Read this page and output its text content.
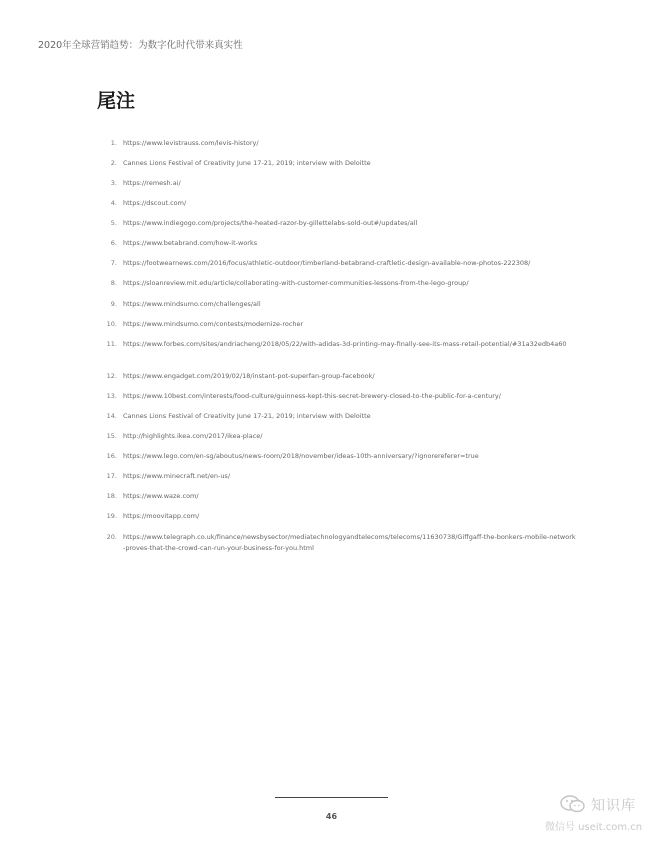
2020年全球营销趋势：为数字化时代带来真实性
尾注
1. https://www.levistrauss.com/levis-history/
2. Cannes Lions Festival of Creativity June 17-21, 2019; interview with Deloitte
3. https://remesh.ai/
4. https://dscout.com/
5. https://www.indiegogo.com/projects/the-heated-razor-by-gillettelabs-sold-out#/updates/all
6. https://www.betabrand.com/how-it-works
7. https://footwearnews.com/2016/focus/athletic-outdoor/timberland-betabrand-craftletic-design-available-now-photos-222308/
8. https://sloanreview.mit.edu/article/collaborating-with-customer-communities-lessons-from-the-lego-group/
9. https://www.mindsumo.com/challenges/all
10. https://www.mindsumo.com/contests/modernize-rocher
11. https://www.forbes.com/sites/andriacheng/2018/05/22/with-adidas-3d-printing-may-finally-see-its-mass-retail-potential/#31a32edb4a60
12. https://www.engadget.com/2019/02/18/instant-pot-superfan-group-facebook/
13. https://www.10best.com/interests/food-culture/guinness-kept-this-secret-brewery-closed-to-the-public-for-a-century/
14. Cannes Lions Festival of Creativity June 17-21, 2019; interview with Deloitte
15. http://highlights.ikea.com/2017/ikea-place/
16. https://www.lego.com/en-sg/aboutus/news-room/2018/november/ideas-10th-anniversary/?ignorereferer=true
17. https://www.minecraft.net/en-us/
18. https://www.waze.com/
19. https://moovitapp.com/
20. https://www.telegraph.co.uk/finance/newsbysector/mediatechnologyandtelecoms/telecoms/11630738/Giffgaff-the-bonkers-mobile-network-proves-that-the-crowd-can-run-your-business-for-you.html
46
知识库
微信号 useit.com.cn
